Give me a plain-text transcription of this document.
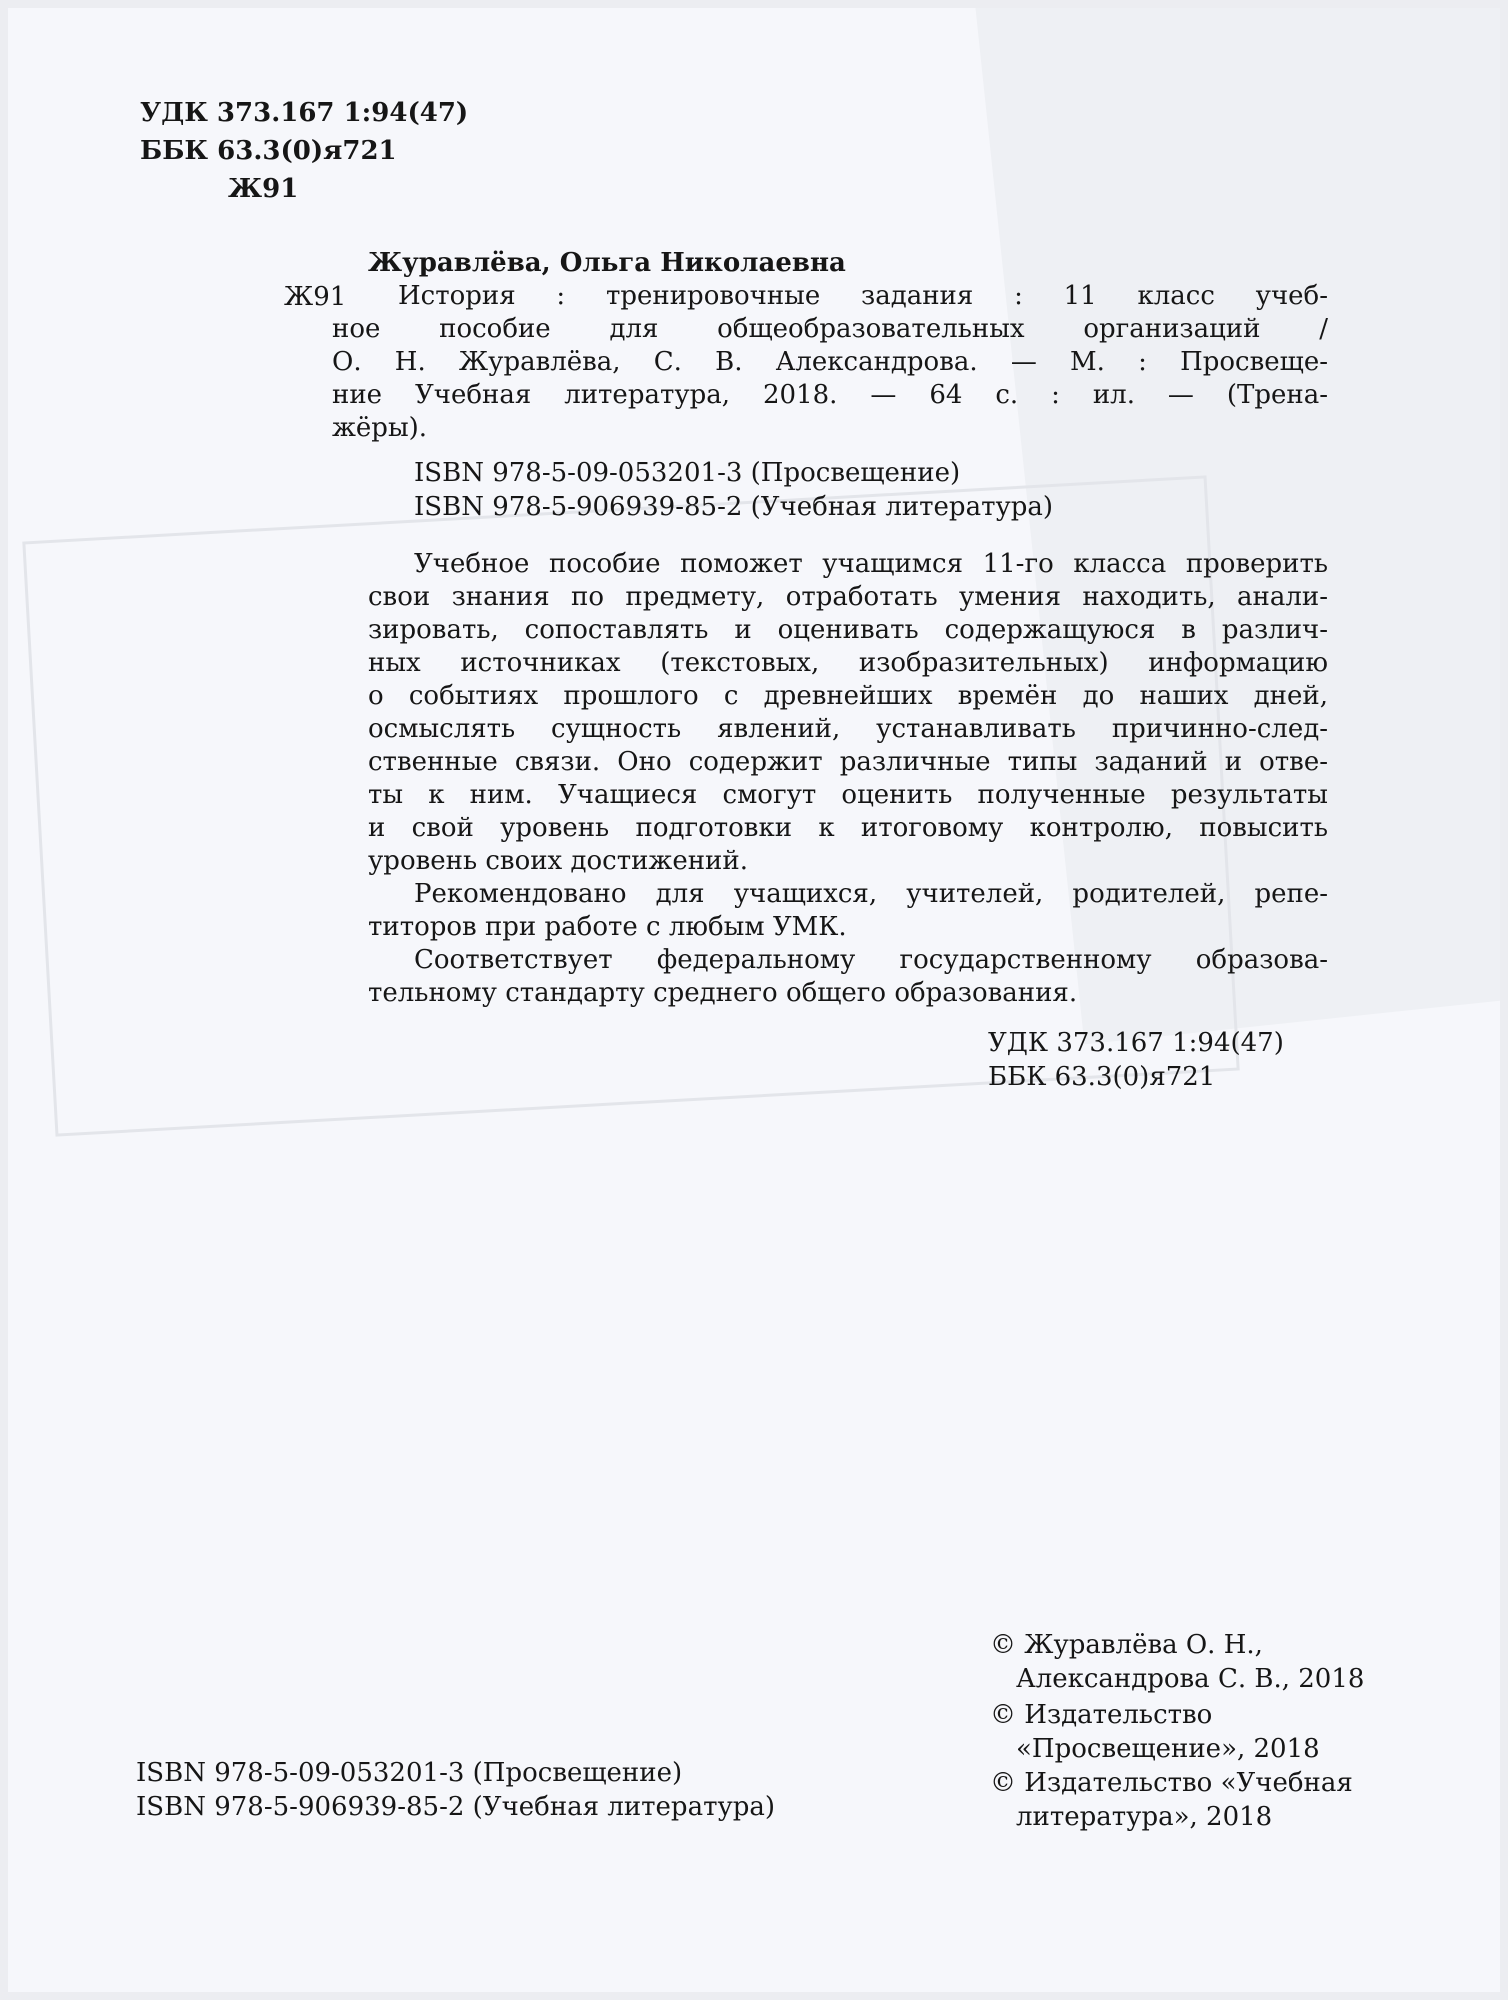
УДК 373.167 1:94(47)
ББК 63.3(0)я721
Ж91
Журавлёва, Ольга Николаевна
Ж91 История : тренировочные задания : 11 класс учеб-
ное пособие для общеобразовательных организаций /
О. Н. Журавлёва, С. В. Александрова. — М. : Просвеще-
ние Учебная литература, 2018. — 64 с. : ил. — (Трена-
жёры).
ISBN 978-5-09-053201-3 (Просвещение)
ISBN 978-5-906939-85-2 (Учебная литература)
Учебное пособие поможет учащимся 11-го класса проверить
свои знания по предмету, отработать умения находить, анали-
зировать, сопоставлять и оценивать содержащуюся в различ-
ных источниках (текстовых, изобразительных) информацию
о событиях прошлого с древнейших времён до наших дней,
осмыслять сущность явлений, устанавливать причинно-след-
ственные связи. Оно содержит различные типы заданий и отве-
ты к ним. Учащиеся смогут оценить полученные результаты
и свой уровень подготовки к итоговому контролю, повысить
уровень своих достижений.
Рекомендовано для учащихся, учителей, родителей, репе-
титоров при работе с любым УМК.
Соответствует федеральному государственному образова-
тельному стандарту среднего общего образования.
УДК 373.167 1:94(47)
ББК 63.3(0)я721
© Журавлёва О. Н.,
Александрова С. В., 2018
© Издательство
«Просвещение», 2018
© Издательство «Учебная
литература», 2018
ISBN 978-5-09-053201-3 (Просвещение)
ISBN 978-5-906939-85-2 (Учебная литература)
